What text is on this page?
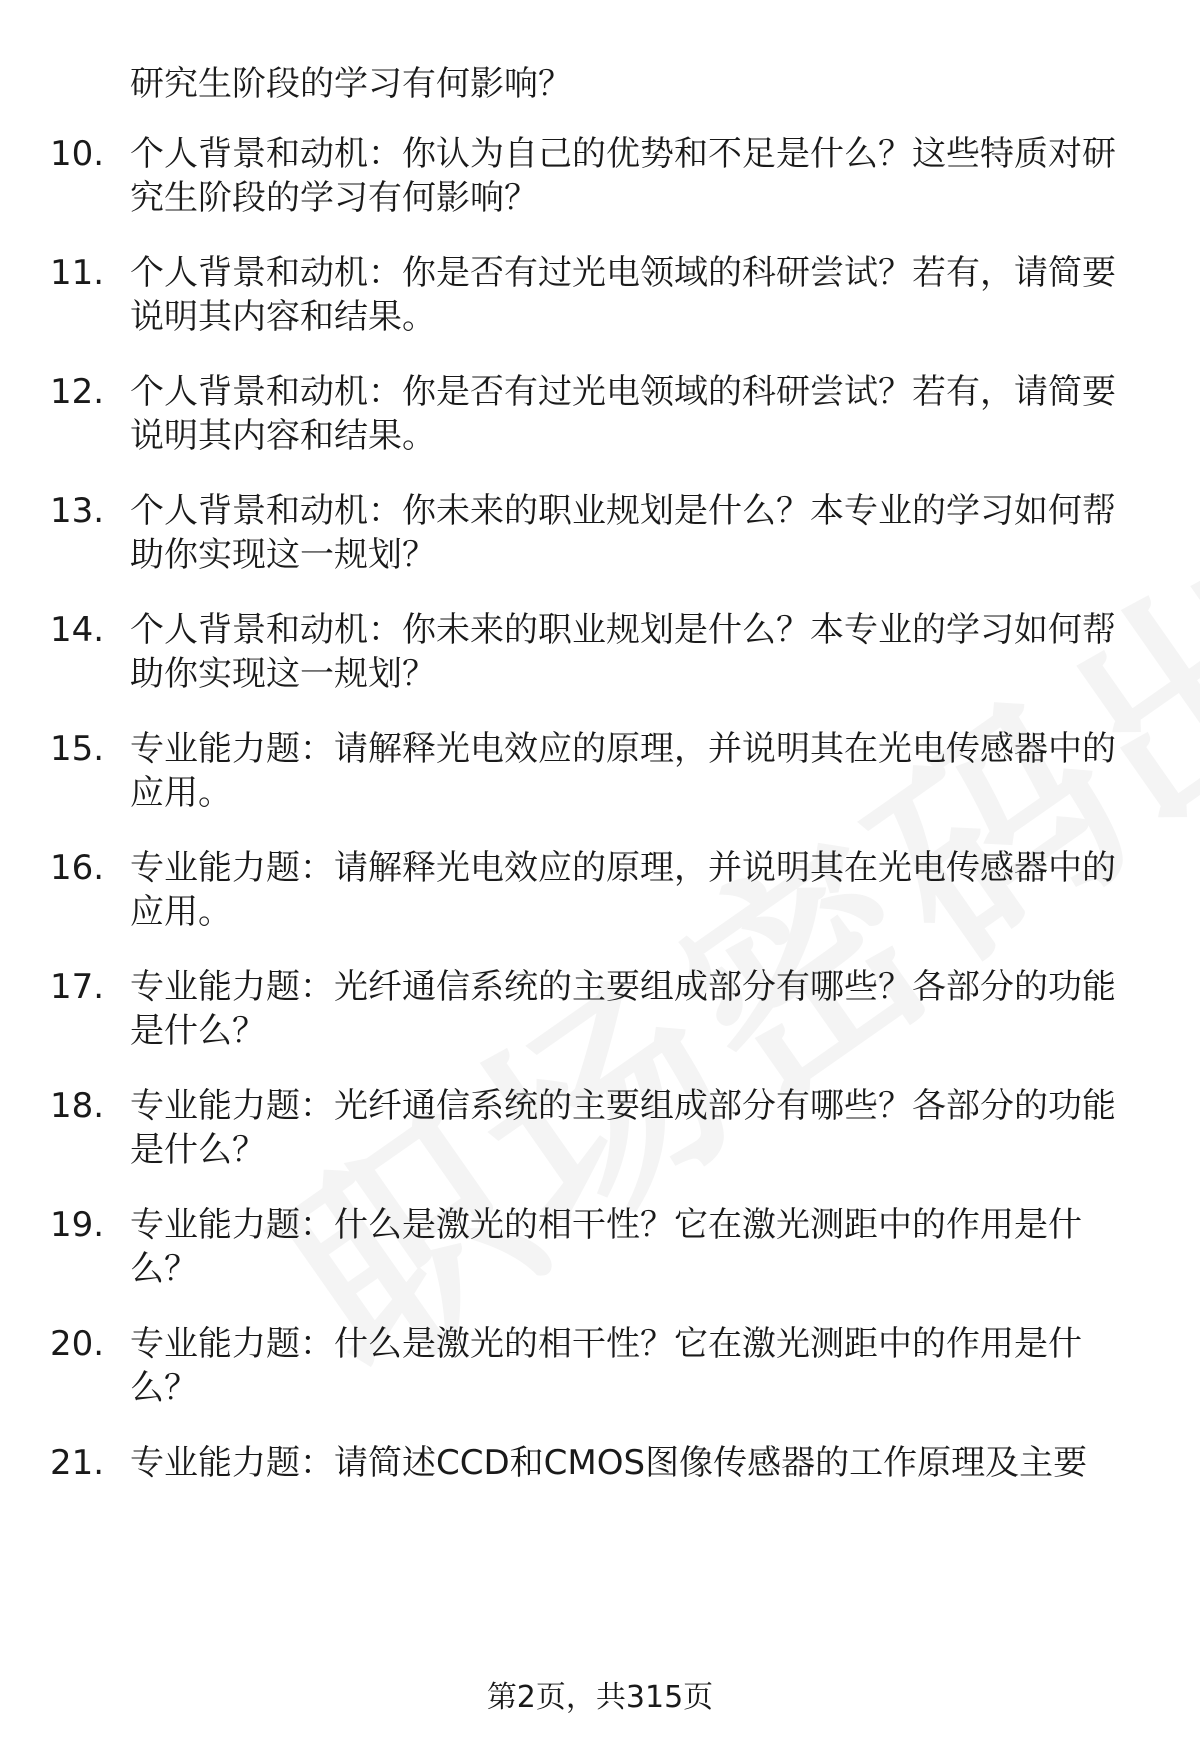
研究生阶段的学习有何影响？
10. 个人背景和动机：你认为自己的优势和不足是什么？这些特质对研究生阶段的学习有何影响？
11. 个人背景和动机：你是否有过光电领域的科研尝试？若有，请简要说明其内容和结果。
12. 个人背景和动机：你是否有过光电领域的科研尝试？若有，请简要说明其内容和结果。
13. 个人背景和动机：你未来的职业规划是什么？本专业的学习如何帮助你实现这一规划？
14. 个人背景和动机：你未来的职业规划是什么？本专业的学习如何帮助你实现这一规划？
15. 专业能力题：请解释光电效应的原理，并说明其在光电传感器中的应用。
16. 专业能力题：请解释光电效应的原理，并说明其在光电传感器中的应用。
17. 专业能力题：光纤通信系统的主要组成部分有哪些？各部分的功能是什么？
18. 专业能力题：光纤通信系统的主要组成部分有哪些？各部分的功能是什么？
19. 专业能力题：什么是激光的相干性？它在激光测距中的作用是什么？
20. 专业能力题：什么是激光的相干性？它在激光测距中的作用是什么？
21. 专业能力题：请简述CCD和CMOS图像传感器的工作原理及主要
第2页，共315页
